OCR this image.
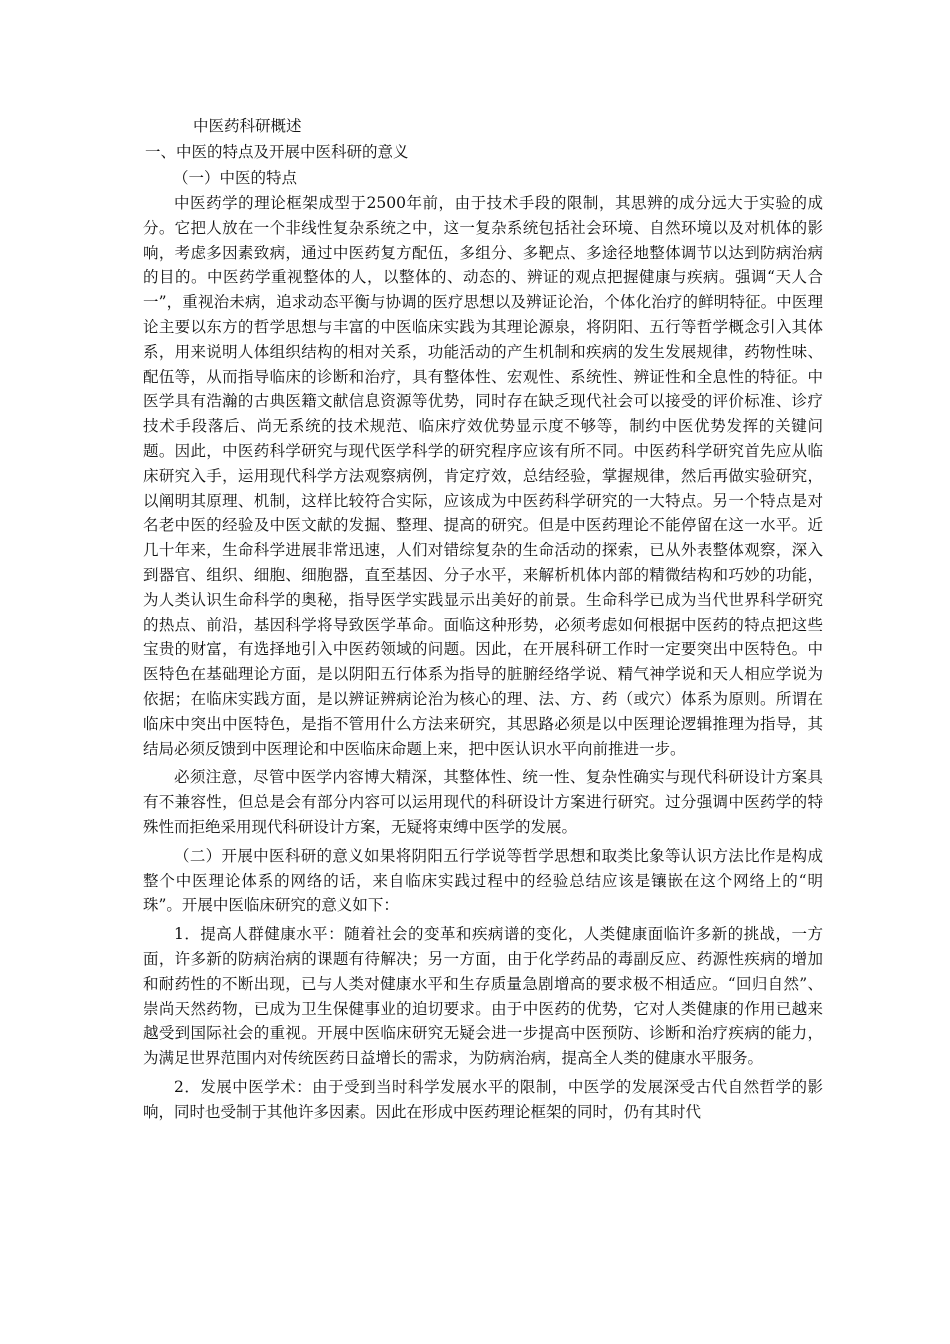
中医药科研概述

一、中医的特点及开展中医科研的意义

（一）中医的特点

中医药学的理论框架成型于2500年前，由于技术手段的限制，其思辨的成分远大于实验的成分。它把人放在一个非线性复杂系统之中，这一复杂系统包括社会环境、自然环境以及对机体的影响，考虑多因素致病，通过中医药复方配伍，多组分、多靶点、多途径地整体调节以达到防病治病的目的。中医药学重视整体的人，以整体的、动态的、辨证的观点把握健康与疾病。强调“天人合一”，重视治未病，追求动态平衡与协调的医疗思想以及辨证论治，个体化治疗的鲜明特征。中医理论主要以东方的哲学思想与丰富的中医临床实践为其理论源泉，将阴阳、五行等哲学概念引入其体系，用来说明人体组织结构的相对关系，功能活动的产生机制和疾病的发生发展规律，药物性味、配伍等，从而指导临床的诊断和治疗，具有整体性、宏观性、系统性、辨证性和全息性的特征。中医学具有浩瀚的古典医籍文献信息资源等优势，同时存在缺乏现代社会可以接受的评价标准、诊疗技术手段落后、尚无系统的技术规范、临床疗效优势显示度不够等，制约中医优势发挥的关键问题。因此，中医药科学研究与现代医学科学的研究程序应该有所不同。中医药科学研究首先应从临床研究入手，运用现代科学方法观察病例，肯定疗效，总结经验，掌握规律，然后再做实验研究，以阐明其原理、机制，这样比较符合实际，应该成为中医药科学研究的一大特点。另一个特点是对名老中医的经验及中医文献的发掘、整理、提高的研究。但是中医药理论不能停留在这一水平。近几十年来，生命科学进展非常迅速，人们对错综复杂的生命活动的探索，已从外表整体观察，深入到器官、组织、细胞、细胞器，直至基因、分子水平，来解析机体内部的精微结构和巧妙的功能，为人类认识生命科学的奥秘，指导医学实践显示出美好的前景。生命科学已成为当代世界科学研究的热点、前沿，基因科学将导致医学革命。面临这种形势，必须考虑如何根据中医药的特点把这些宝贵的财富，有选择地引入中医药领域的问题。因此，在开展科研工作时一定要突出中医特色。中医特色在基础理论方面，是以阴阳五行体系为指导的脏腑经络学说、精气神学说和天人相应学说为依据；在临床实践方面，是以辨证辨病论治为核心的理、法、方、药（或穴）体系为原则。所谓在临床中突出中医特色，是指不管用什么方法来研究，其思路必须是以中医理论逻辑推理为指导，其结局必须反馈到中医理论和中医临床命题上来，把中医认识水平向前推进一步。

必须注意，尽管中医学内容博大精深，其整体性、统一性、复杂性确实与现代科研设计方案具有不兼容性，但总是会有部分内容可以运用现代的科研设计方案进行研究。过分强调中医药学的特殊性而拒绝采用现代科研设计方案，无疑将束缚中医学的发展。

（二）开展中医科研的意义如果将阴阳五行学说等哲学思想和取类比象等认识方法比作是构成整个中医理论体系的网络的话，来自临床实践过程中的经验总结应该是镶嵌在这个网络上的“明珠”。开展中医临床研究的意义如下：

1．提高人群健康水平：随着社会的变革和疾病谱的变化，人类健康面临许多新的挑战，一方面，许多新的防病治病的课题有待解决；另一方面，由于化学药品的毒副反应、药源性疾病的增加和耐药性的不断出现，已与人类对健康水平和生存质量急剧增高的要求极不相适应。“回归自然”、崇尚天然药物，已成为卫生保健事业的迫切要求。由于中医药的优势，它对人类健康的作用已越来越受到国际社会的重视。开展中医临床研究无疑会进一步提高中医预防、诊断和治疗疾病的能力，为满足世界范围内对传统医药日益增长的需求，为防病治病，提高全人类的健康水平服务。

2．发展中医学术：由于受到当时科学发展水平的限制，中医学的发展深受古代自然哲学的影响，同时也受制于其他许多因素。因此在形成中医药理论框架的同时，仍有其时代
